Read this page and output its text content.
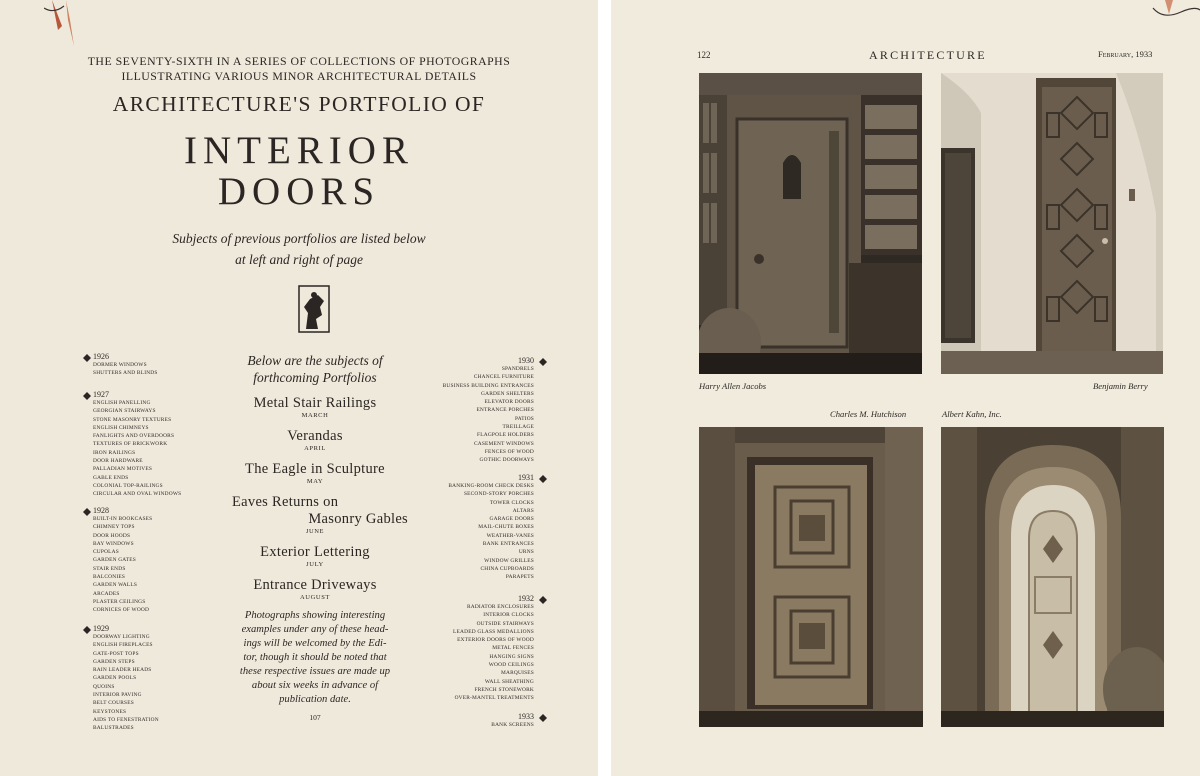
THE SEVENTY-SIXTH IN A SERIES OF COLLECTIONS OF PHOTOGRAPHS
ILLUSTRATING VARIOUS MINOR ARCHITECTURAL DETAILS
ARCHITECTURE'S PORTFOLIO OF
INTERIOR
DOORS
Subjects of previous portfolios are listed below
at left and right of page
1926
DORMER WINDOWS
SHUTTERS AND BLINDS
1927
ENGLISH PANELLING
GEORGIAN STAIRWAYS
STONE MASONRY TEXTURES
ENGLISH CHIMNEYS
FANLIGHTS AND OVERDOORS
TEXTURES OF BRICKWORK
IRON RAILINGS
DOOR HARDWARE
PALLADIAN MOTIVES
GABLE ENDS
COLONIAL TOP-RAILINGS
CIRCULAR AND OVAL WINDOWS
1928
BUILT-IN BOOKCASES
CHIMNEY TOPS
DOOR HOODS
BAY WINDOWS
CUPOLAS
GARDEN GATES
STAIR ENDS
BALCONIES
GARDEN WALLS
ARCADES
PLASTER CEILINGS
CORNICES OF WOOD
1929
DOORWAY LIGHTING
ENGLISH FIREPLACES
GATE-POST TOPS
GARDEN STEPS
RAIN LEADER HEADS
GARDEN POOLS
QUOINS
INTERIOR PAVING
BELT COURSES
KEYSTONES
AIDS TO FENESTRATION
BALUSTRADES
1930
SPANDRELS
CHANCEL FURNITURE
BUSINESS BUILDING ENTRANCES
GARDEN SHELTERS
ELEVATOR DOORS
ENTRANCE PORCHES
PATIOS
TREILLAGE
FLAGPOLE HOLDERS
CASEMENT WINDOWS
FENCES OF WOOD
GOTHIC DOORWAYS
1931
BANKING-ROOM CHECK DESKS
SECOND-STORY PORCHES
TOWER CLOCKS
ALTARS
GARAGE DOORS
MAIL-CHUTE BOXES
WEATHER-VANES
BANK ENTRANCES
URNS
WINDOW GRILLES
CHINA CUPBOARDS
PARAPETS
1932
RADIATOR ENCLOSURES
INTERIOR CLOCKS
OUTSIDE STAIRWAYS
LEADED GLASS MEDALLIONS
EXTERIOR DOORS OF WOOD
METAL FENCES
HANGING SIGNS
WOOD CEILINGS
MARQUISES
WALL SHEATHING
FRENCH STONEWORK
OVER-MANTEL TREATMENTS
1933
BANK SCREENS
Below are the subjects of
forthcoming Portfolios
Metal Stair Railings
MARCH
Verandas
APRIL
The Eagle in Sculpture
MAY
Eaves Returns on
Masonry Gables
JUNE
Exterior Lettering
JULY
Entrance Driveways
AUGUST
Photographs showing interesting
examples under any of these head-
ings will be welcomed by the Edi-
tor, though it should be noted that
these respective issues are made up
about six weeks in advance of
publication date.
107
122	ARCHITECTURE	February, 1933
Harry Allen Jacobs	Benjamin Berry
Charles M. Hutchison	Albert Kahn, Inc.
